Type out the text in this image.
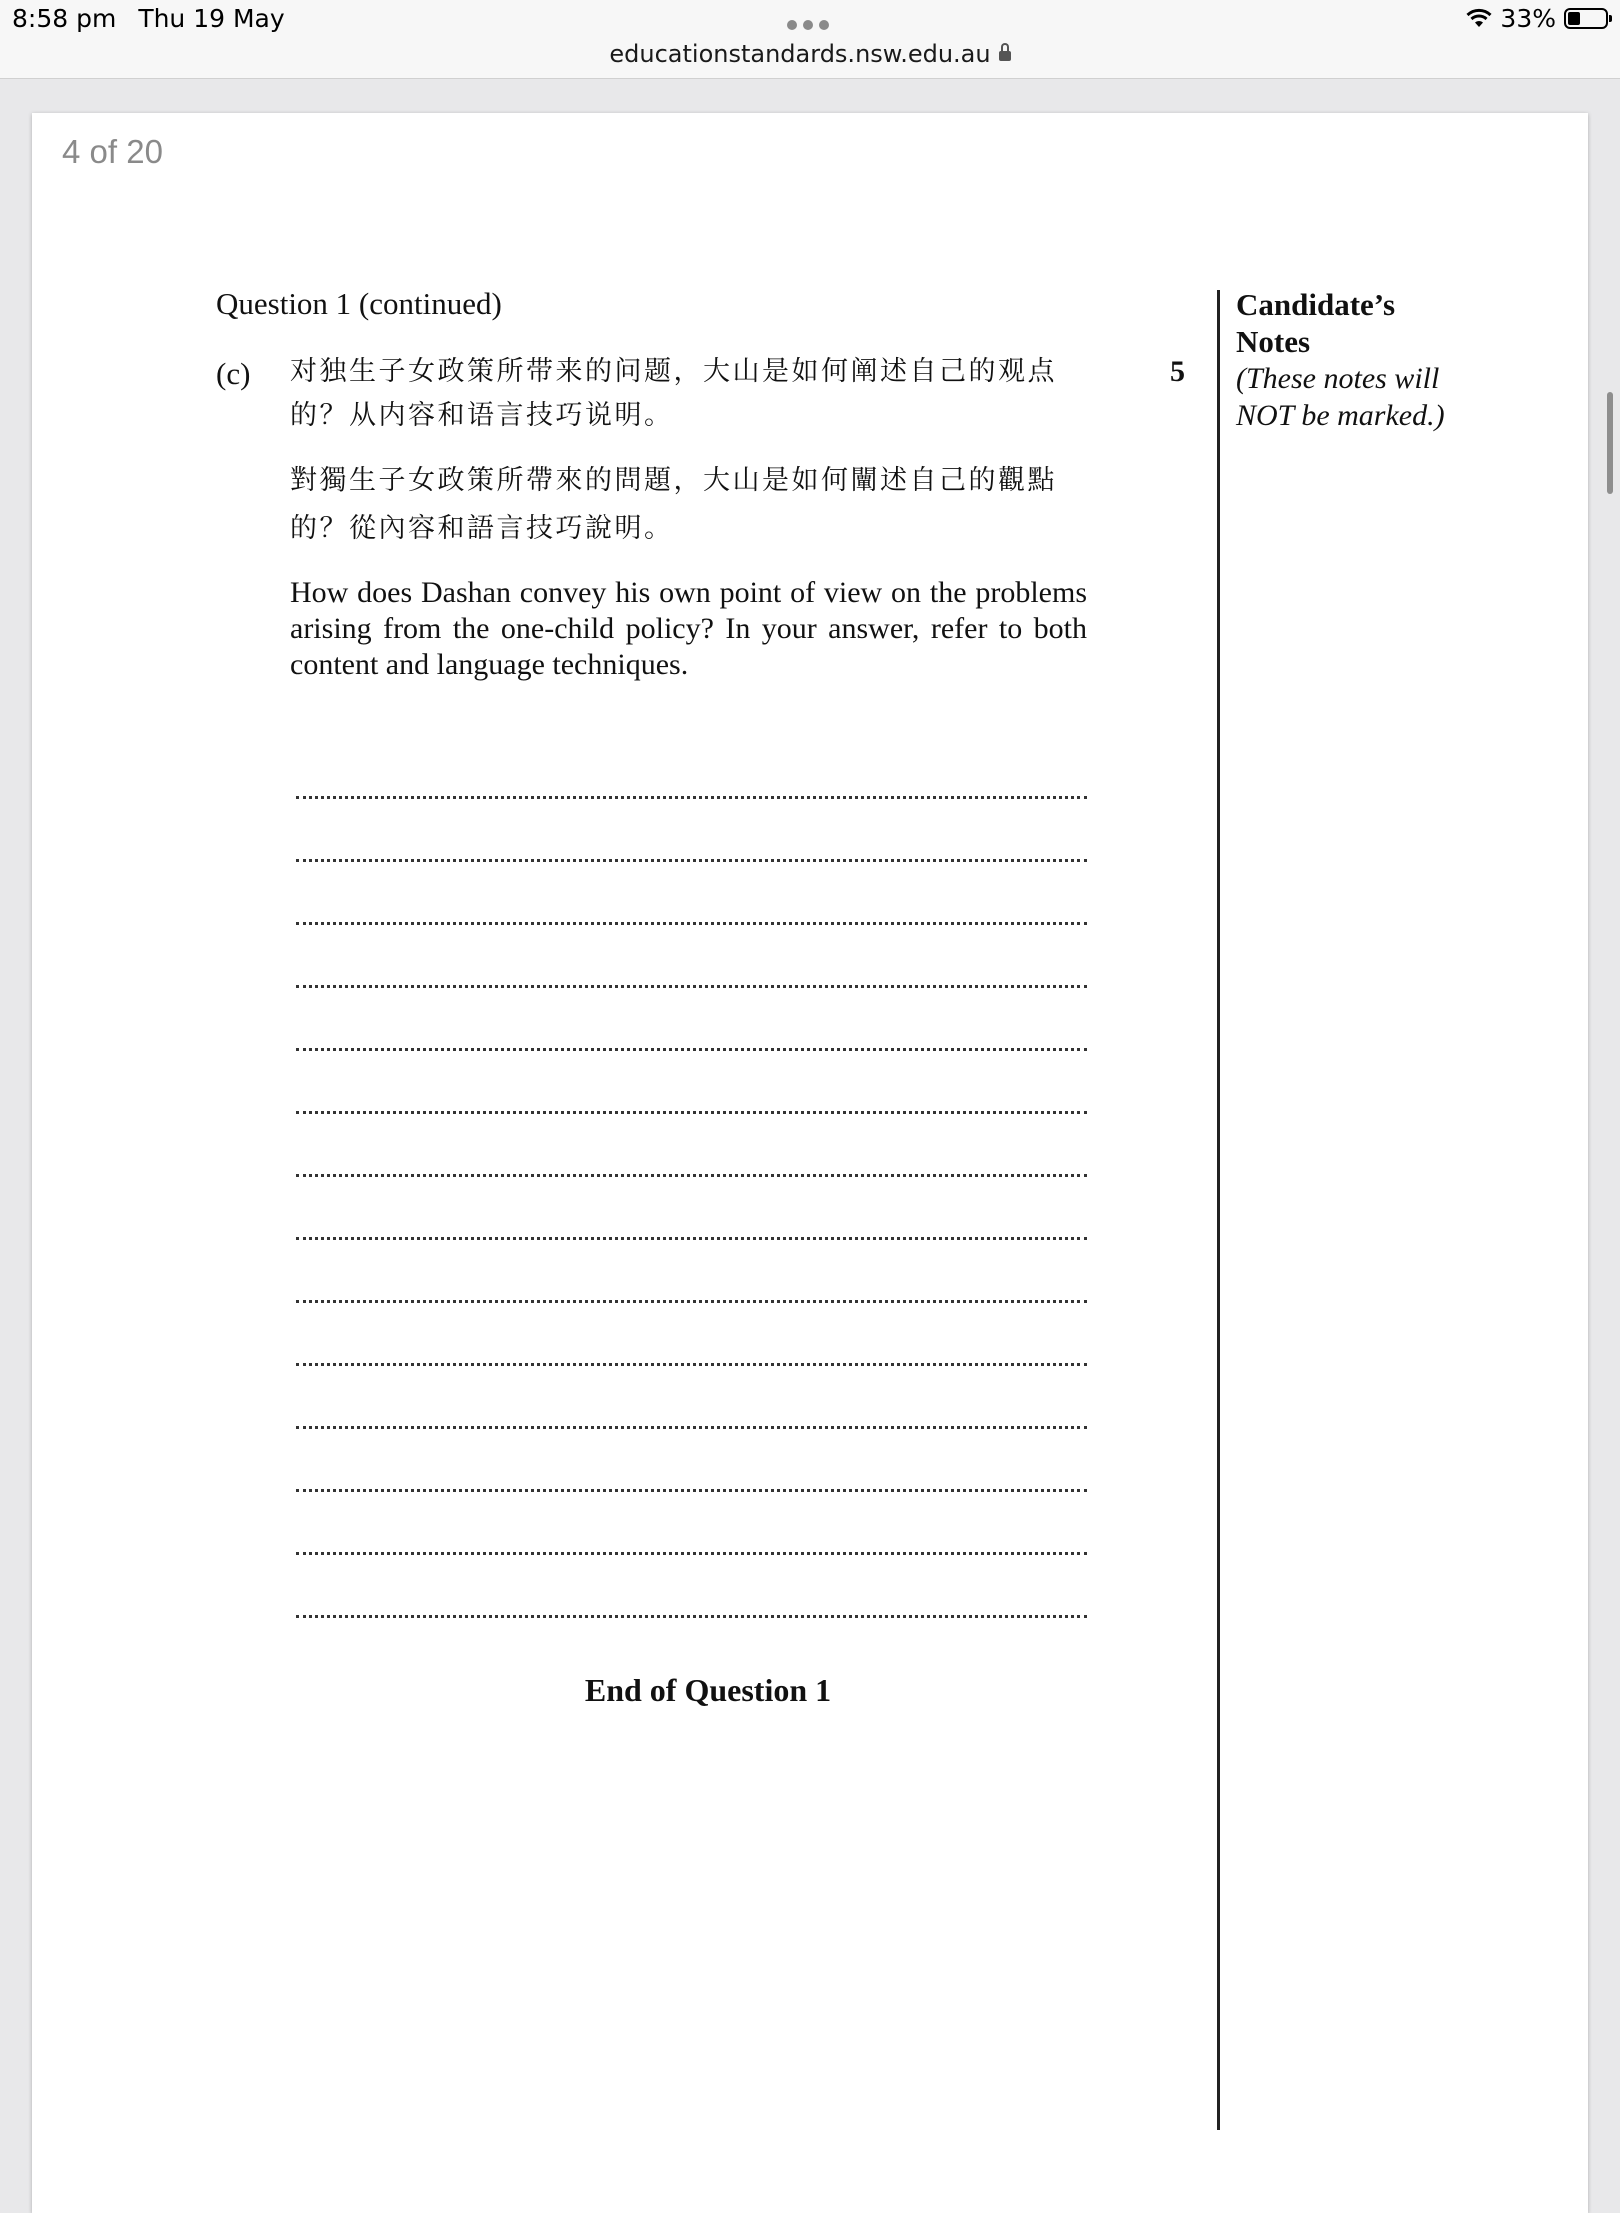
8:58 pm Thu 19 May
educationstandards.nsw.edu.au
33%
4 of 20
Question 1 (continued)
(c) 对独生子女政策所带来的问题，大山是如何阐述自己的观点的？从内容和语言技巧说明。
對獨生子女政策所帶來的問題，大山是如何闡述自己的觀點的？從內容和語言技巧說明。
How does Dashan convey his own point of view on the problems arising from the one-child policy? In your answer, refer to both content and language techniques.
End of Question 1
5
Candidate’s Notes
(These notes will NOT be marked.)
